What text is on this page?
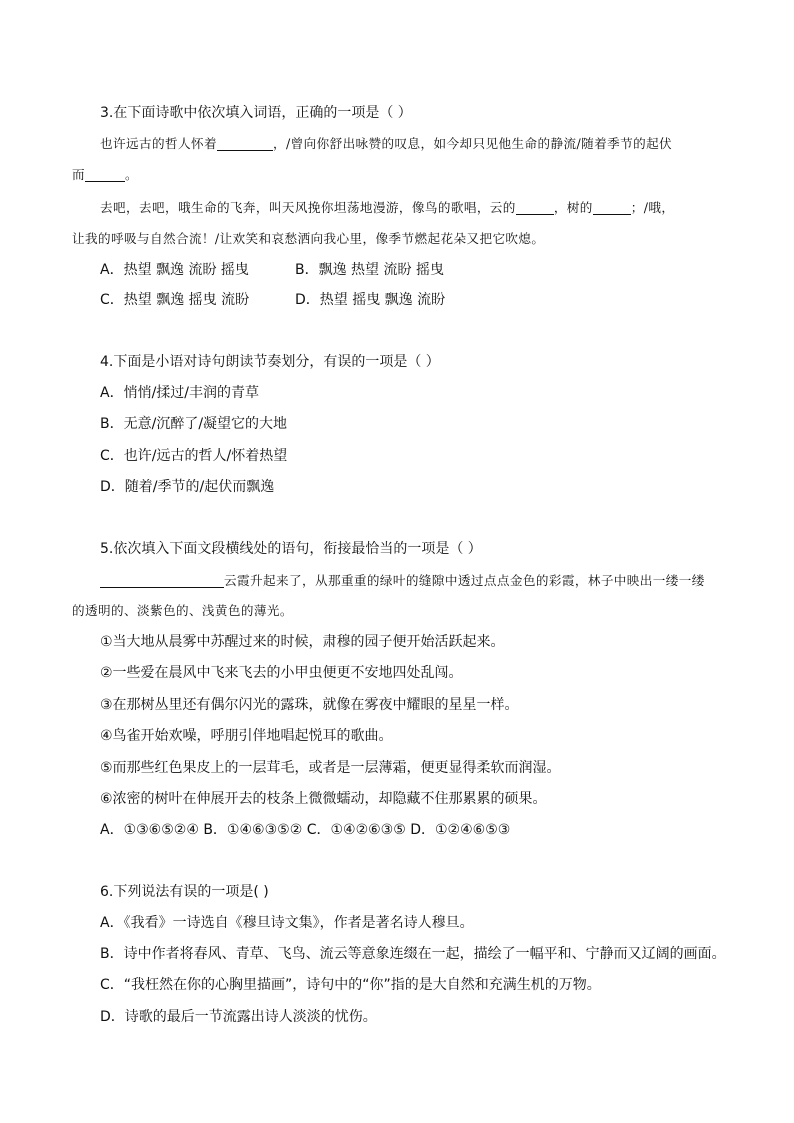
3.在下面诗歌中依次填入词语，正确的一项是（ ）
也许远古的哲人怀着	，/曾向你舒出咏赞的叹息，如今却只见他生命的静流/随着季节的起伏
而	。
去吧，去吧，哦生命的飞奔，叫天风挽你坦荡地漫游，像鸟的歌唱，云的	，树的	；/哦，
让我的呼吸与自然合流！/让欢笑和哀愁洒向我心里，像季节燃起花朵又把它吹熄。
A．热望 飘逸 流盼 摇曳	B．飘逸 热望 流盼 摇曳
C．热望 飘逸 摇曳 流盼	D．热望 摇曳 飘逸 流盼
4.下面是小语对诗句朗读节奏划分，有误的一项是（ ）
A．悄悄/揉过/丰润的青草
B．无意/沉醉了/凝望它的大地
C．也许/远古的哲人/怀着热望
D．随着/季节的/起伏而飘逸
5.依次填入下面文段横线处的语句，衔接最恰当的一项是（ ）
云霞升起来了，从那重重的绿叶的缝隙中透过点点金色的彩霞，林子中映出一缕一缕
的透明的、淡紫色的、浅黄色的薄光。
①当大地从晨雾中苏醒过来的时候，肃穆的园子便开始活跃起来。
②一些爱在晨风中飞来飞去的小甲虫便更不安地四处乱闯。
③在那树丛里还有偶尔闪光的露珠，就像在雾夜中耀眼的星星一样。
④鸟雀开始欢噪，呼朋引伴地唱起悦耳的歌曲。
⑤而那些红色果皮上的一层茸毛，或者是一层薄霜，便更显得柔软而润湿。
⑥浓密的树叶在伸展开去的枝条上微微蠕动，却隐藏不住那累累的硕果。
A．①③⑥⑤②④ B．①④⑥③⑤② C．①④②⑥③⑤ D．①②④⑥⑤③
6.下列说法有误的一项是( )
A．《我看》一诗选自《穆旦诗文集》，作者是著名诗人穆旦。
B．诗中作者将春风、青草、飞鸟、流云等意象连缀在一起，描绘了一幅平和、宁静而又辽阔的画面。
C．“我枉然在你的心胸里描画”，诗句中的“你”指的是大自然和充满生机的万物。
D．诗歌的最后一节流露出诗人淡淡的忧伤。
